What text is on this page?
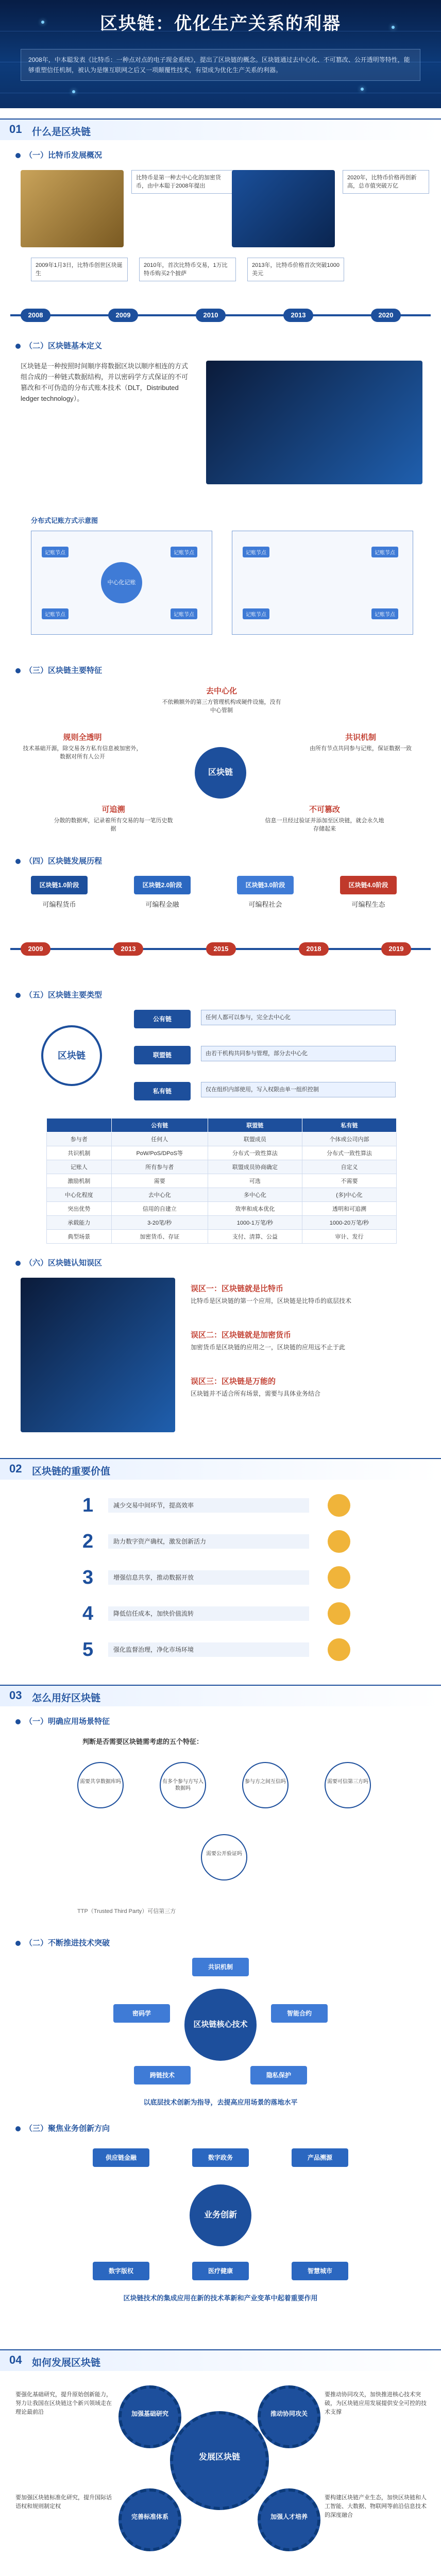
区块链：优化生产关系的利器
2008年，中本聪发表《比特币：一种点对点的电子现金系统》，提出了区块链的概念。区块链通过去中心化、不可篡改、公开透明等特性，能够重塑信任机制，被认为是继互联网之后又一项颠覆性技术，有望成为优化生产关系的利器。
01 什么是区块链
（一）比特币发展概况
比特币是第一种去中心化的加密货币，由中本聪于2008年提出
2020年，比特币价格再创新高，总市值突破万亿
2009年1月3日，比特币创世区块诞生
2010年，首次比特币交易，1万比特币购买2个披萨
2013年，比特币价格首次突破1000美元
2008	2009	2010	2013	2020
（二）区块链基本定义
区块链是一种按照时间顺序将数据区块以顺序相连的方式组合成的一种链式数据结构，并以密码学方式保证的不可篡改和不可伪造的分布式账本技术（DLT，Distributed ledger technology）。
分布式记账方式示意图
记账节点	记账节点
记账节点	记账节点
中心化记账
记账节点	记账节点
记账节点	记账节点
（三）区块链主要特征
去中心化
不依赖额外的第三方管理机构或硬件设施，没有中心管制
规则全透明
技术基础开源，除交易各方私有信息被加密外，数据对所有人公开
共识机制
由所有节点共同参与记账，保证数据一致
区块链
可追溯
分散的数据库，记录着所有交易的每一笔历史数据
不可篡改
信息一旦经过验证并添加至区块链，就会永久地存储起来
（四）区块链发展历程
区块链1.0阶段	区块链2.0阶段	区块链3.0阶段	区块链4.0阶段
可编程货币	可编程金融	可编程社会	可编程生态
2009	2013	2015	2018	2019
（五）区块链主要类型
区块链
公有链	任何人都可以参与，完全去中心化
联盟链	由若干机构共同参与管理，部分去中心化
私有链	仅在组织内部使用，写入权限由单一组织控制
	公有链	联盟链	私有链
参与者	任何人	联盟成员	个体或公司内部
共识机制	PoW/PoS/DPoS等	分布式一致性算法	分布式一致性算法
记账人	所有参与者	联盟成员协商确定	自定义
激励机制	需要	可选	不需要
中心化程度	去中心化	多中心化	(多)中心化
突出优势	信用的自建立	效率和成本优化	透明和可追溯
承载能力	3-20笔/秒	1000-1万笔/秒	1000-20万笔/秒
典型场景	加密货币、存证	支付、清算、公益	审计、发行
（六）区块链认知误区
误区一：区块链就是比特币
比特币是区块链的第一个应用，区块链是比特币的底层技术
误区二：区块链就是加密货币
加密货币是区块链的应用之一，区块链的应用远不止于此
误区三：区块链是万能的
区块链并不适合所有场景，需要与具体业务结合
02 区块链的重要价值
1	减少交易中间环节，提高效率
2	助力数字资产确权，激发创新活力
3	增强信息共享，推动数据开放
4	降低信任成本，加快价值流转
5	强化监督治理，净化市场环境
03 怎么用好区块链
（一）明确应用场景特征
判断是否需要区块链需考虑的五个特征：
需要共享数据库吗	有多个参与方写入数据吗
参与方之间互信吗	需要可信第三方吗
需要公开验证吗
TTP（Trusted Third Party）可信第三方
（二）不断推进技术突破
区块链核心技术
共识机制
密码学	智能合约
跨链技术	隐私保护
以底层技术创新为指导，去提高应用场景的落地水平
（三）聚焦业务创新方向
业务创新
供应链金融	数字政务	产品溯源
数字版权	医疗健康	智慧城市
区块链技术的集成应用在新的技术革新和产业变革中起着重要作用
04 如何发展区块链
发展区块链
加强基础研究	推动协同攻关
完善标准体系	加强人才培养
要强化基础研究，提升原始创新能力，努力让我国在区块链这个新兴领域走在理论最前沿
要推动协同攻关，加快推进核心技术突破，为区块链应用发展提供安全可控的技术支撑
要加强区块链标准化研究，提升国际话语权和规则制定权
要构建区块链产业生态，加快区块链和人工智能、大数据、物联网等前沿信息技术的深度融合
